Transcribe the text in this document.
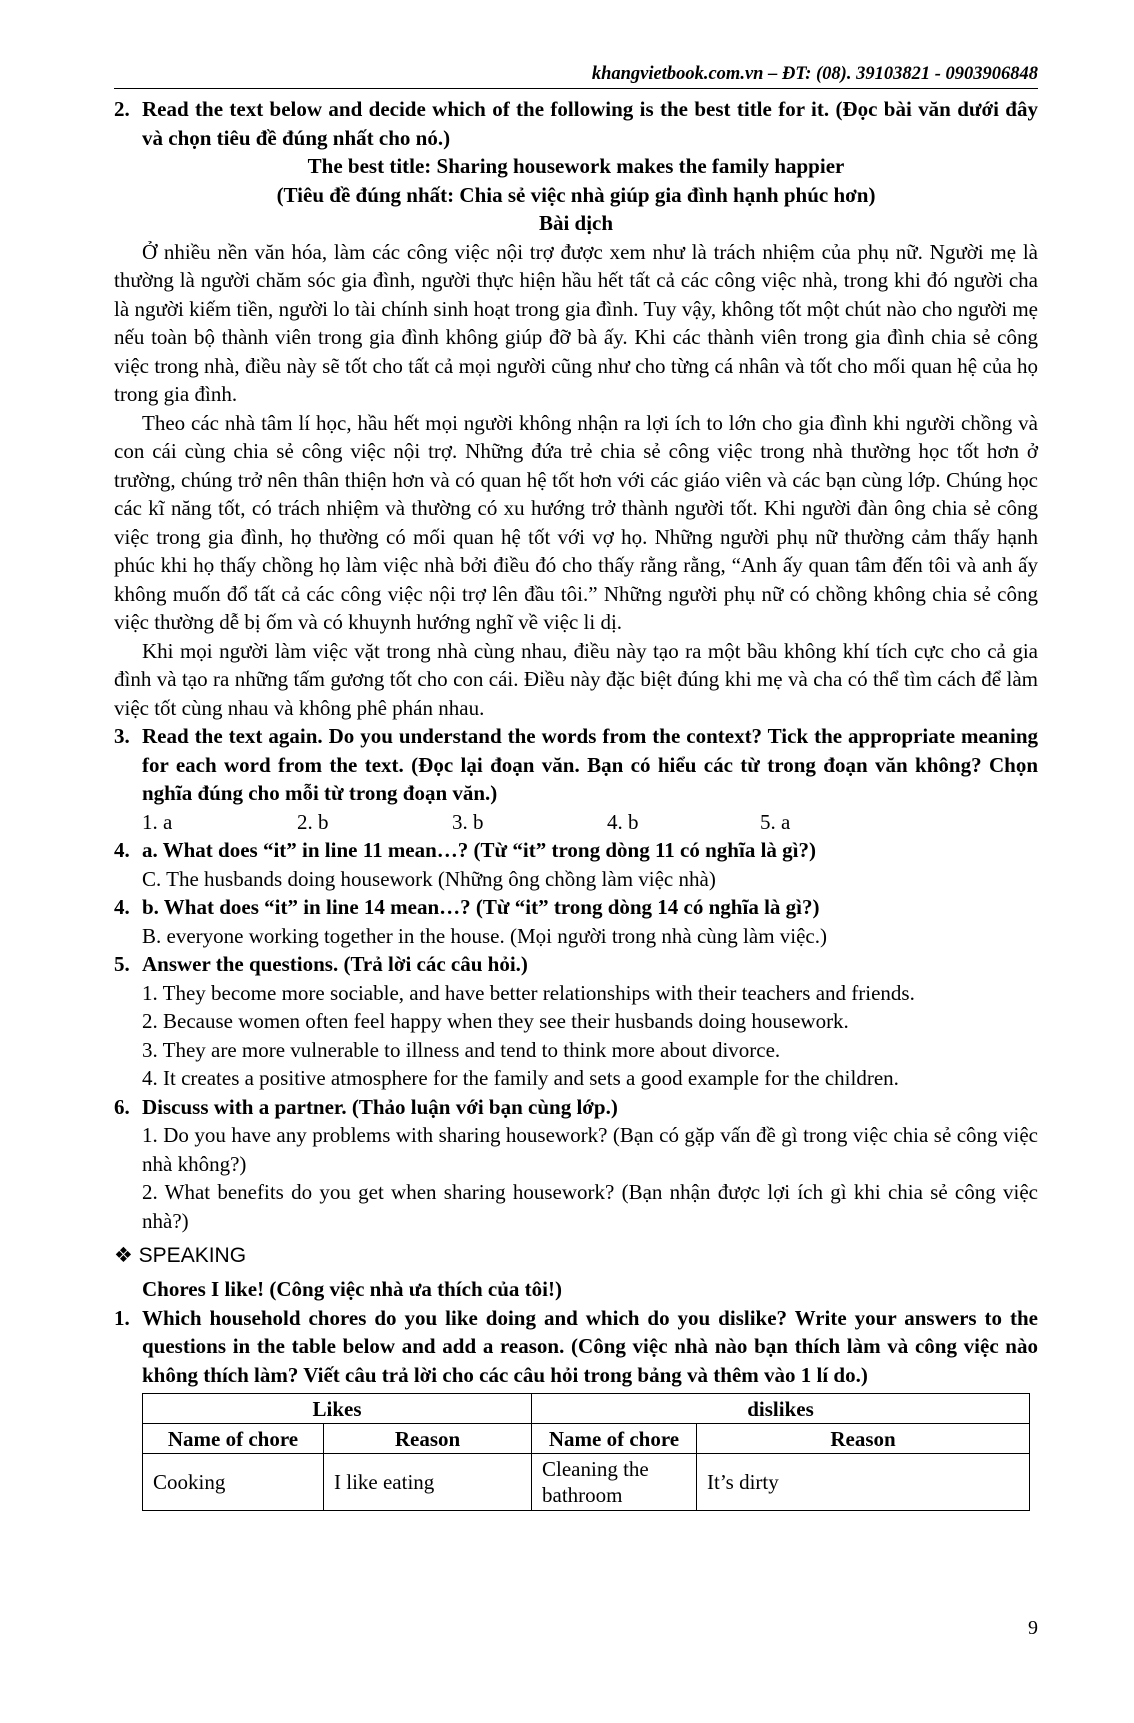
khangvietbook.com.vn – ĐT: (08). 39103821 - 0903906848
2. Read the text below and decide which of the following is the best title for it. (Đọc bài văn dưới đây và chọn tiêu đề đúng nhất cho nó.)
The best title: Sharing housework makes the family happier
(Tiêu đề đúng nhất: Chia sẻ việc nhà giúp gia đình hạnh phúc hơn)
Bài dịch
Ở nhiều nền văn hóa, làm các công việc nội trợ được xem như là trách nhiệm của phụ nữ. Người mẹ là thường là người chăm sóc gia đình, người thực hiện hầu hết tất cả các công việc nhà, trong khi đó người cha là người kiếm tiền, người lo tài chính sinh hoạt trong gia đình. Tuy vậy, không tốt một chút nào cho người mẹ nếu toàn bộ thành viên trong gia đình không giúp đỡ bà ấy. Khi các thành viên trong gia đình chia sẻ công việc trong nhà, điều này sẽ tốt cho tất cả mọi người cũng như cho từng cá nhân và tốt cho mối quan hệ của họ trong gia đình.
Theo các nhà tâm lí học, hầu hết mọi người không nhận ra lợi ích to lớn cho gia đình khi người chồng và con cái cùng chia sẻ công việc nội trợ. Những đứa trẻ chia sẻ công việc trong nhà thường học tốt hơn ở trường, chúng trở nên thân thiện hơn và có quan hệ tốt hơn với các giáo viên và các bạn cùng lớp. Chúng học các kĩ năng tốt, có trách nhiệm và thường có xu hướng trở thành người tốt. Khi người đàn ông chia sẻ công việc trong gia đình, họ thường có mối quan hệ tốt với vợ họ. Những người phụ nữ thường cảm thấy hạnh phúc khi họ thấy chồng họ làm việc nhà bởi điều đó cho thấy rằng rằng, “Anh ấy quan tâm đến tôi và anh ấy không muốn đổ tất cả các công việc nội trợ lên đầu tôi.” Những người phụ nữ có chồng không chia sẻ công việc thường dễ bị ốm và có khuynh hướng nghĩ về việc li dị.
Khi mọi người làm việc vặt trong nhà cùng nhau, điều này tạo ra một bầu không khí tích cực cho cả gia đình và tạo ra những tấm gương tốt cho con cái. Điều này đặc biệt đúng khi mẹ và cha có thể tìm cách để làm việc tốt cùng nhau và không phê phán nhau.
3. Read the text again. Do you understand the words from the context? Tick the appropriate meaning for each word from the text. (Đọc lại đoạn văn. Bạn có hiểu các từ trong đoạn văn không? Chọn nghĩa đúng cho mỗi từ trong đoạn văn.)
1. a	2. b	3. b	4. b	5. a
4. a. What does “it” in line 11 mean…? (Từ “it” trong dòng 11 có nghĩa là gì?)
C. The husbands doing housework (Những ông chồng làm việc nhà)
4. b. What does “it” in line 14 mean…? (Từ “it” trong dòng 14 có nghĩa là gì?)
B. everyone working together in the house. (Mọi người trong nhà cùng làm việc.)
5. Answer the questions. (Trả lời các câu hỏi.)
1. They become more sociable, and have better relationships with their teachers and friends.
2. Because women often feel happy when they see their husbands doing housework.
3. They are more vulnerable to illness and tend to think more about divorce.
4. It creates a positive atmosphere for the family and sets a good example for the children.
6. Discuss with a partner. (Thảo luận với bạn cùng lớp.)
1. Do you have any problems with sharing housework? (Bạn có gặp vấn đề gì trong việc chia sẻ công việc nhà không?)
2. What benefits do you get when sharing housework? (Bạn nhận được lợi ích gì khi chia sẻ công việc nhà?)
❖ SPEAKING
Chores I like! (Công việc nhà ưa thích của tôi!)
1. Which household chores do you like doing and which do you dislike? Write your answers to the questions in the table below and add a reason. (Công việc nhà nào bạn thích làm và công việc nào không thích làm? Viết câu trả lời cho các câu hỏi trong bảng và thêm vào 1 lí do.)
Likes		dislikes	
Name of chore	Reason	Name of chore	Reason
Cooking	I like eating	Cleaning the bathroom	It’s dirty
9
